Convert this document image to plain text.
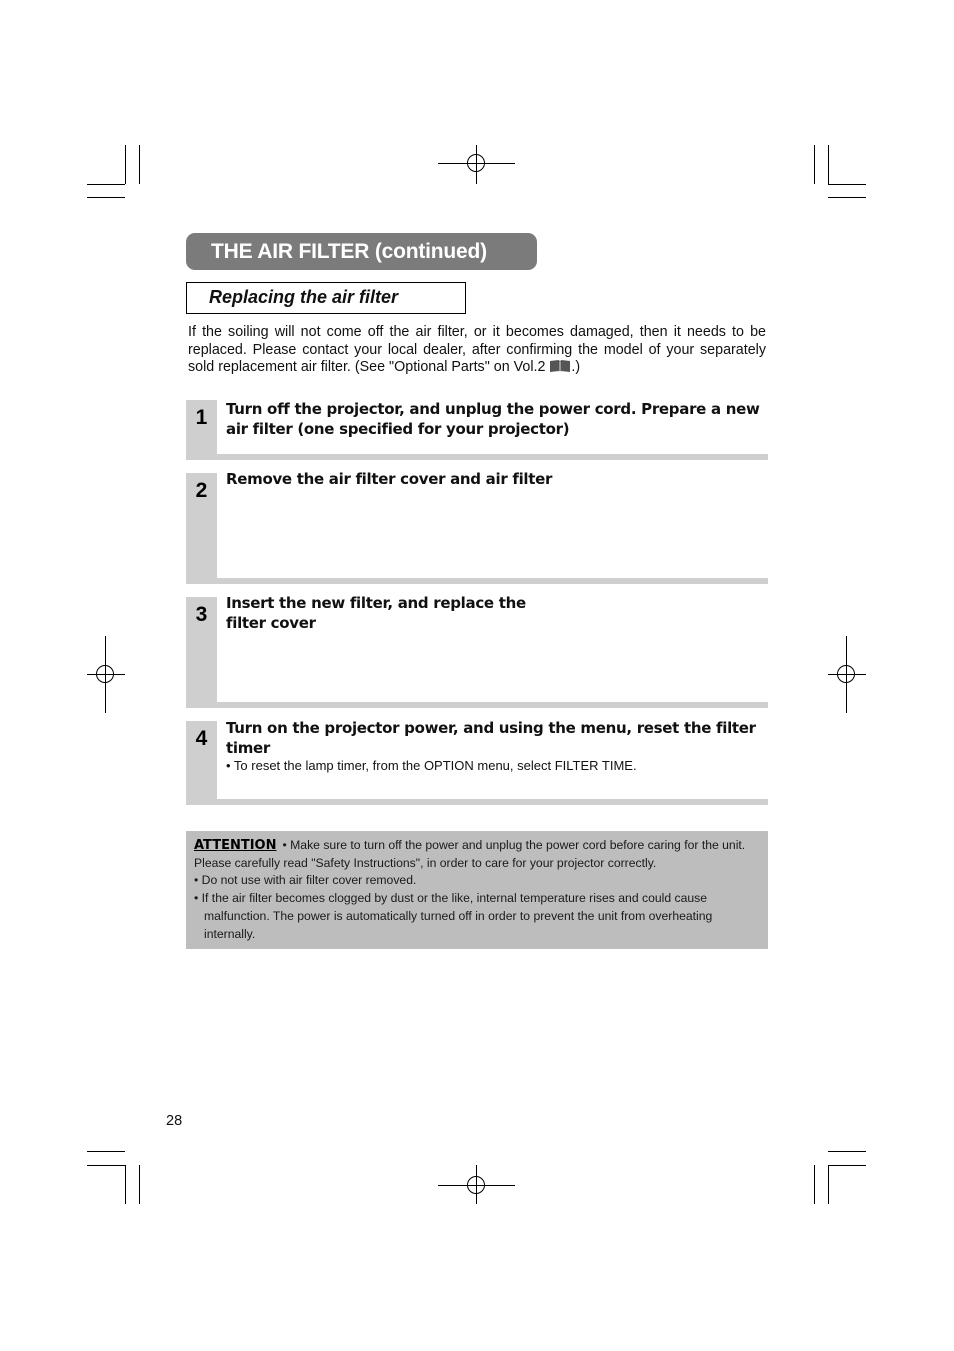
THE AIR FILTER (continued)
Replacing the air filter
If the soiling will not come off the air filter, or it becomes damaged, then it needs to be replaced. Please contact your local dealer, after confirming the model of your separately sold replacement air filter. (See "Optional Parts" on Vol.2 .)
1	Turn off the projector, and unplug the power cord. Prepare a new air filter (one specified for your projector)
2	Remove the air filter cover and air filter
3	Insert the new filter, and replace the filter cover
4	Turn on the projector power, and using the menu, reset the filter timer
• To reset the lamp timer, from the OPTION menu, select FILTER TIME.
ATTENTION • Make sure to turn off the power and unplug the power cord before caring for the unit. Please carefully read "Safety Instructions", in order to care for your projector correctly.
• Do not use with air filter cover removed.
• If the air filter becomes clogged by dust or the like, internal temperature rises and could cause malfunction. The power is automatically turned off in order to prevent the unit from overheating internally.
28
